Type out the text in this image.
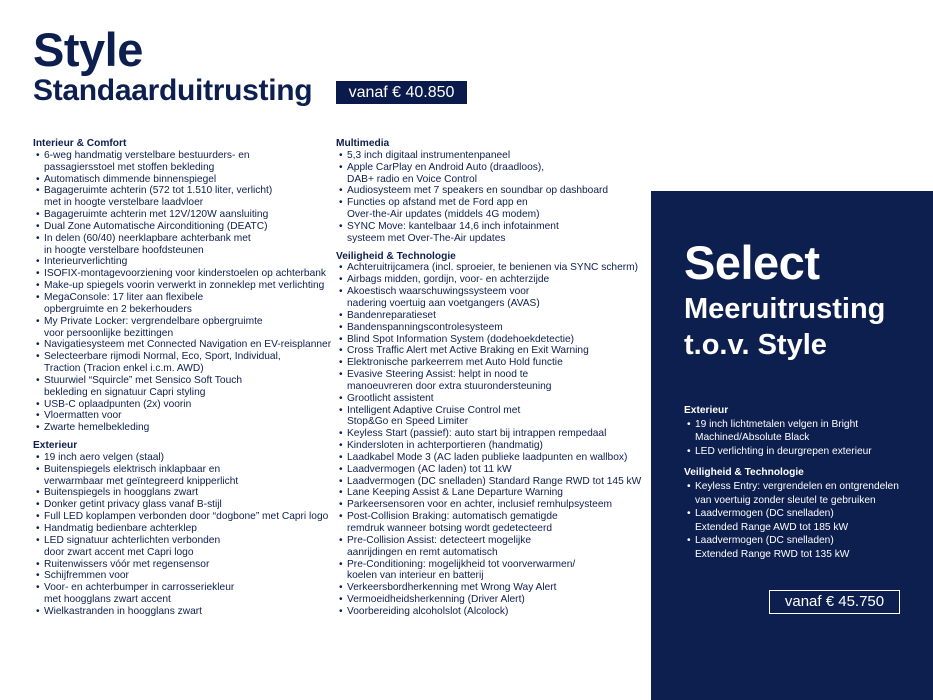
Style
Standaarduitrusting	vanaf € 40.850
Interieur & Comfort
• 6-weg handmatig verstelbare bestuurders- en
passagiersstoel met stoffen bekleding
• Automatisch dimmende binnenspiegel
• Bagageruimte achterin (572 tot 1.510 liter, verlicht)
met in hoogte verstelbare laadvloer
• Bagageruimte achterin met 12V/120W aansluiting
• Dual Zone Automatische Airconditioning (DEATC)
• In delen (60/40) neerklapbare achterbank met
in hoogte verstelbare hoofdsteunen
• Interieurverlichting
• ISOFIX-montagevoorziening voor kinderstoelen op achterbank
• Make-up spiegels voorin verwerkt in zonneklep met verlichting
• MegaConsole: 17 liter aan flexibele
opbergruimte en 2 bekerhouders
• My Private Locker: vergrendelbare opbergruimte
voor persoonlijke bezittingen
• Navigatiesysteem met Connected Navigation en EV-reisplanner
• Selecteerbare rijmodi Normal, Eco, Sport, Individual,
Traction (Tracion enkel i.c.m. AWD)
• Stuurwiel “Squircle” met Sensico Soft Touch
bekleding en signatuur Capri styling
• USB-C oplaadpunten (2x) voorin
• Vloermatten voor
• Zwarte hemelbekleding
Exterieur
• 19 inch aero velgen (staal)
• Buitenspiegels elektrisch inklapbaar en
verwarmbaar met geïntegreerd knipperlicht
• Buitenspiegels in hoogglans zwart
• Donker getint privacy glass vanaf B-stijl
• Full LED koplampen verbonden door “dogbone” met Capri logo
• Handmatig bedienbare achterklep
• LED signatuur achterlichten verbonden
door zwart accent met Capri logo
• Ruitenwissers vóór met regensensor
• Schijfremmen voor
• Voor- en achterbumper in carrosseriekleur
met hoogglans zwart accent
• Wielkastranden in hoogglans zwart
Multimedia
• 5,3 inch digitaal instrumentenpaneel
• Apple CarPlay en Android Auto (draadloos),
DAB+ radio en Voice Control
• Audiosysteem met 7 speakers en soundbar op dashboard
• Functies op afstand met de Ford app en
Over-the-Air updates (middels 4G modem)
• SYNC Move: kantelbaar 14,6 inch infotainment
systeem met Over-The-Air updates
Veiligheid & Technologie
• Achteruitrijcamera (incl. sproeier, te benienen via SYNC scherm)
• Airbags midden, gordijn, voor- en achterzijde
• Akoestisch waarschuwingssysteem voor
nadering voertuig aan voetgangers (AVAS)
• Bandenreparatieset
• Bandenspanningscontrolesysteem
• Blind Spot Information System (dodehoekdetectie)
• Cross Traffic Alert met Active Braking en Exit Warning
• Elektronische parkeerrem met Auto Hold functie
• Evasive Steering Assist: helpt in nood te
manoeuvreren door extra stuurondersteuning
• Grootlicht assistent
• Intelligent Adaptive Cruise Control met
Stop&Go en Speed Limiter
• Keyless Start (passief): auto start bij intrappen rempedaal
• Kindersloten in achterportieren (handmatig)
• Laadkabel Mode 3 (AC laden publieke laadpunten en wallbox)
• Laadvermogen (AC laden) tot 11 kW
• Laadvermogen (DC snelladen) Standard Range RWD tot 145 kW
• Lane Keeping Assist & Lane Departure Warning
• Parkeersensoren voor en achter, inclusief remhulpsysteem
• Post-Collision Braking: automatisch gematigde
remdruk wanneer botsing wordt gedetecteerd
• Pre-Collision Assist: detecteert mogelijke
aanrijdingen en remt automatisch
• Pre-Conditioning: mogelijkheid tot voorverwarmen/
koelen van interieur en batterij
• Verkeersbordherkenning met Wrong Way Alert
• Vermoeidheidsherkenning (Driver Alert)
• Voorbereiding alcoholslot (Alcolock)
Select
Meeruitrusting t.o.v. Style
Exterieur
• 19 inch lichtmetalen velgen in Bright
Machined/Absolute Black
• LED verlichting in deurgrepen exterieur
Veiligheid & Technologie
• Keyless Entry: vergrendelen en ontgrendelen
van voertuig zonder sleutel te gebruiken
• Laadvermogen (DC snelladen)
Extended Range AWD tot 185 kW
• Laadvermogen (DC snelladen)
Extended Range RWD tot 135 kW
vanaf € 45.750
